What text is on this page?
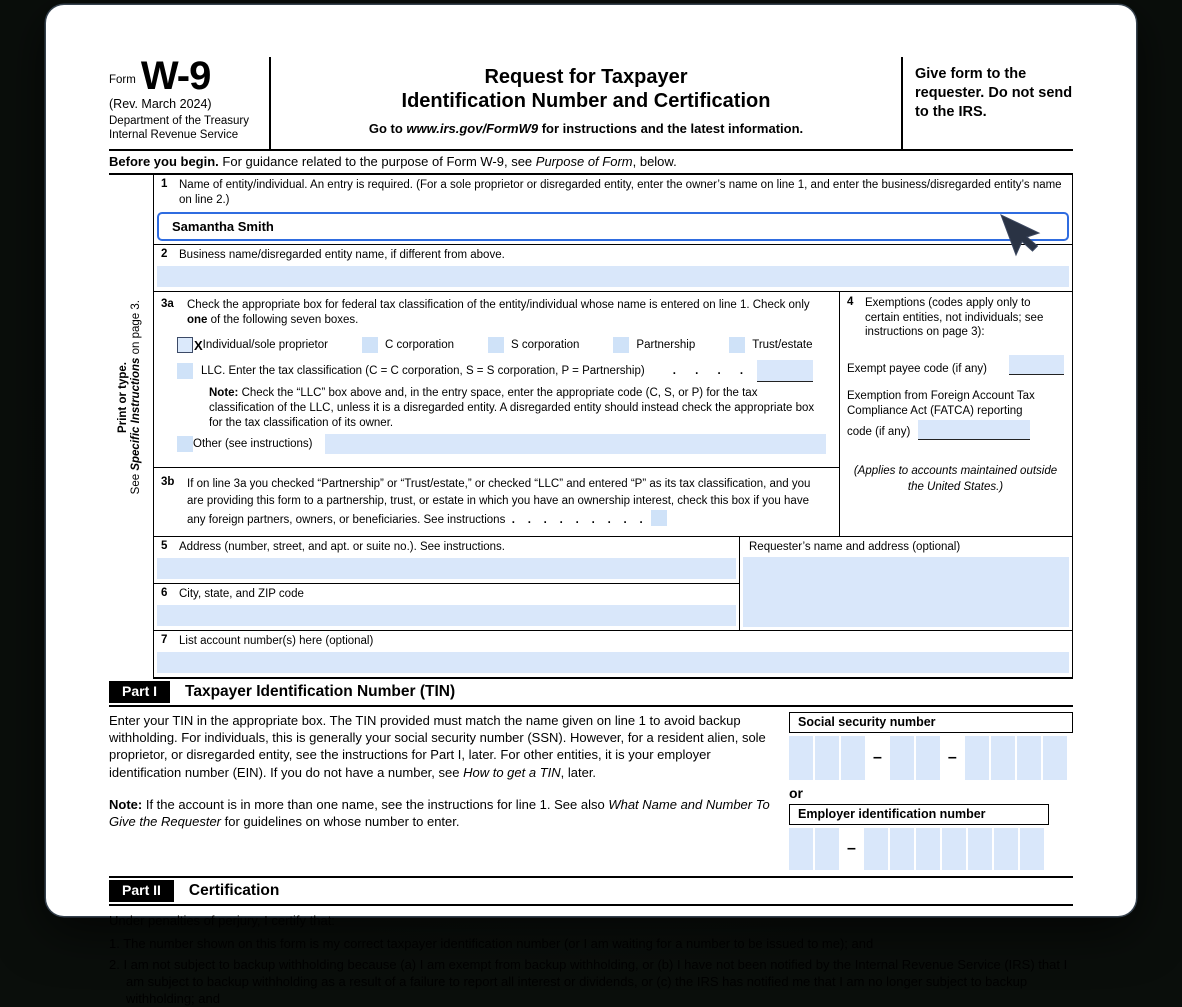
Form W-9
(Rev. March 2024)
Department of the Treasury
Internal Revenue Service
Request for Taxpayer
Identification Number and Certification
Go to www.irs.gov/FormW9 for instructions and the latest information.
Give form to the requester. Do not send to the IRS.
Before you begin. For guidance related to the purpose of Form W-9, see Purpose of Form, below.
Print or type.
See Specific Instructions on page 3.
1	Name of entity/individual. An entry is required. (For a sole proprietor or disregarded entity, enter the owner’s name on line 1, and enter the business/disregarded entity’s name on line 2.)
Samantha Smith
2	Business name/disregarded entity name, if different from above.
3a	Check the appropriate box for federal tax classification of the entity/individual whose name is entered on line 1. Check only one of the following seven boxes.
X Individual/sole proprietor	C corporation	S corporation	Partnership	Trust/estate
LLC. Enter the tax classification (C = C corporation, S = S corporation, P = Partnership) .      .      .      .
Note: Check the “LLC” box above and, in the entry space, enter the appropriate code (C, S, or P) for the tax classification of the LLC, unless it is a disregarded entity. A disregarded entity should instead check the appropriate box for the tax classification of its owner.
Other (see instructions)
3b	If on line 3a you checked “Partnership” or “Trust/estate,” or checked “LLC” and entered “P” as its tax classification, and you are providing this form to a partnership, trust, or estate in which you have an ownership interest, check this box if you have any foreign partners, owners, or beneficiaries. See instructions  .    .    .    .    .    .    .    .    .
4	Exemptions (codes apply only to certain entities, not individuals; see instructions on page 3):
Exempt payee code (if any)
Exemption from Foreign Account Tax Compliance Act (FATCA) reporting
code (if any)
(Applies to accounts maintained outside the United States.)
5	Address (number, street, and apt. or suite no.). See instructions.
6	City, state, and ZIP code
Requester’s name and address (optional)
7	List account number(s) here (optional)
Part I	Taxpayer Identification Number (TIN)
Enter your TIN in the appropriate box. The TIN provided must match the name given on line 1 to avoid backup withholding. For individuals, this is generally your social security number (SSN). However, for a resident alien, sole proprietor, or disregarded entity, see the instructions for Part I, later. For other entities, it is your employer identification number (EIN). If you do not have a number, see How to get a TIN, later.
Note: If the account is in more than one name, see the instructions for line 1. See also What Name and Number To Give the Requester for guidelines on whose number to enter.
Social security number
–	–
or
Employer identification number
–
Part II	Certification
Under penalties of perjury, I certify that:
1. The number shown on this form is my correct taxpayer identification number (or I am waiting for a number to be issued to me); and
2. I am not subject to backup withholding because (a) I am exempt from backup withholding, or (b) I have not been notified by the Internal Revenue Service (IRS) that I am subject to backup withholding as a result of a failure to report all interest or dividends, or (c) the IRS has notified me that I am no longer subject to backup withholding; and
